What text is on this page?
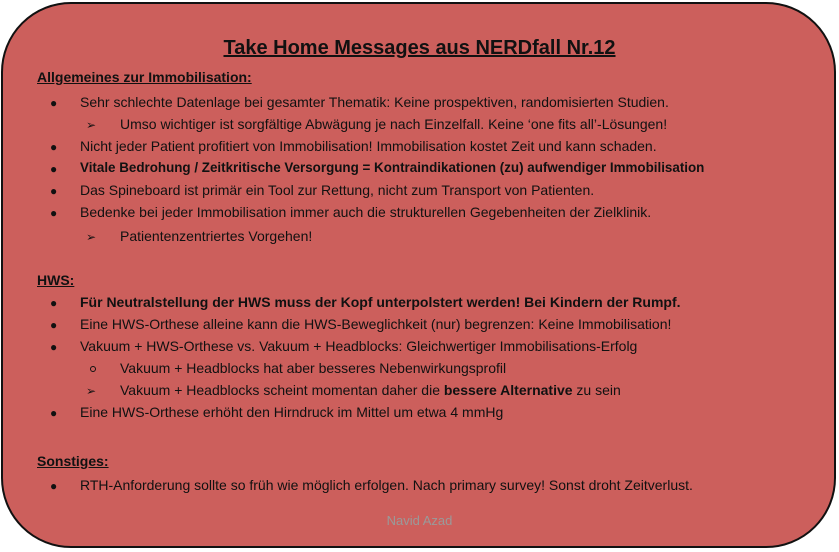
Take Home Messages aus NERDfall Nr.12
Allgemeines zur Immobilisation:
● Sehr schlechte Datenlage bei gesamter Thematik: Keine prospektiven, randomisierten Studien.
➢ Umso wichtiger ist sorgfältige Abwägung je nach Einzelfall. Keine ‘one fits all’-Lösungen!
● Nicht jeder Patient profitiert von Immobilisation! Immobilisation kostet Zeit und kann schaden.
● Vitale Bedrohung / Zeitkritische Versorgung = Kontraindikationen (zu) aufwendiger Immobilisation
● Das Spineboard ist primär ein Tool zur Rettung, nicht zum Transport von Patienten.
● Bedenke bei jeder Immobilisation immer auch die strukturellen Gegebenheiten der Zielklinik.
➢ Patientenzentriertes Vorgehen!
HWS:
● Für Neutralstellung der HWS muss der Kopf unterpolstert werden! Bei Kindern der Rumpf.
● Eine HWS-Orthese alleine kann die HWS-Beweglichkeit (nur) begrenzen: Keine Immobilisation!
● Vakuum + HWS-Orthese vs. Vakuum + Headblocks: Gleichwertiger Immobilisations-Erfolg
Vakuum + Headblocks hat aber besseres Nebenwirkungsprofil
➢ Vakuum + Headblocks scheint momentan daher die bessere Alternative zu sein
● Eine HWS-Orthese erhöht den Hirndruck im Mittel um etwa 4 mmHg
Sonstiges:
● RTH-Anforderung sollte so früh wie möglich erfolgen. Nach primary survey! Sonst droht Zeitverlust.
Navid Azad
